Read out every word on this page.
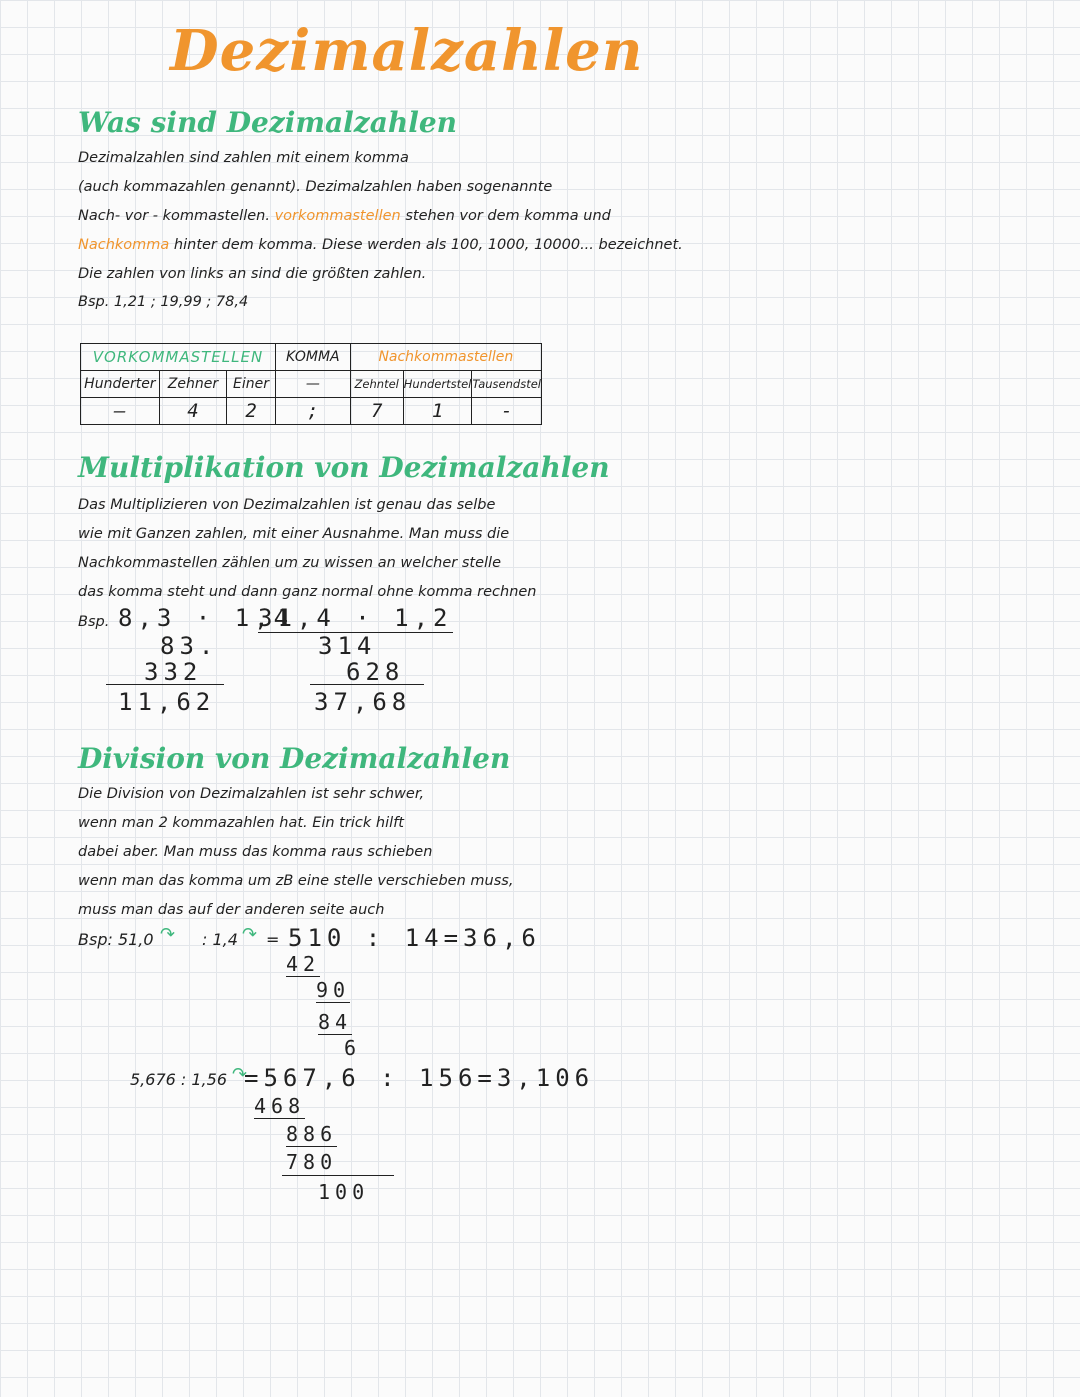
Dezimalzahlen
Was sind Dezimalzahlen
Dezimalzahlen sind zahlen mit einem komma
(auch kommazahlen genannt). Dezimalzahlen haben sogenannte
Nach- vor - kommastellen. vorkommastellen stehen vor dem komma und
Nachkomma hinter dem komma. Diese werden als 100, 1000, 10000... bezeichnet.
Die zahlen von links an sind die größten zahlen.
Bsp. 1,21 ; 19,99 ; 78,4
VORKOMMASTELLEN			KOMMA	Nachkommastellen		
Hunderter	Zehner	Einer	—	Zehntel	Hundertstel	Tausendstel
—	4	2	;	7	1	-
Multiplikation von Dezimalzahlen
Das Multiplizieren von Dezimalzahlen ist genau das selbe
wie mit Ganzen zahlen, mit einer Ausnahme. Man muss die
Nachkommastellen zählen um zu wissen an welcher stelle
das komma steht und dann ganz normal ohne komma rechnen
Bsp. 8,3 · 1,4
83.
332
11,62
31,4 · 1,2
314
628
37,68
Division von Dezimalzahlen
Die Division von Dezimalzahlen ist sehr schwer,
wenn man 2 kommazahlen hat. Ein trick hilft
dabei aber. Man muss das komma raus schieben
wenn man das komma um zB eine stelle verschieben muss,
muss man das auf der anderen seite auch
Bsp: 51,0 ↷ : 1,4 ↷ = 510 : 14=36,6
42
90
84
6
5,676 : 1,56 ↷
=567,6 : 156=3,106
468
886
780
100
